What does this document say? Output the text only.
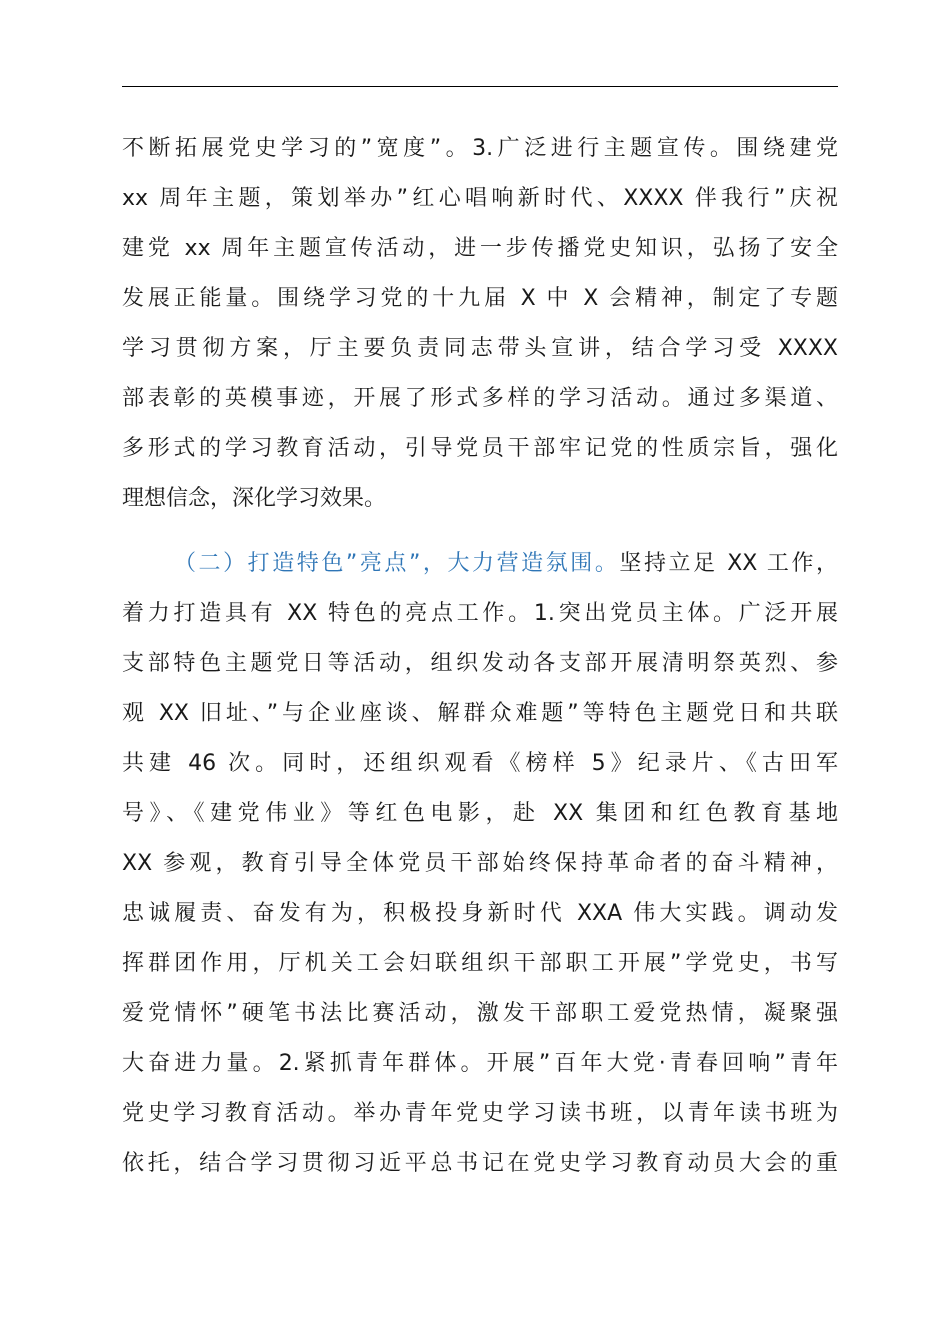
不断拓展党史学习的”宽度”。3.广泛进行主题宣传。围绕建党
xx 周年主题，策划举办”红心唱响新时代、XXXX 伴我行”庆祝
建党 xx 周年主题宣传活动，进一步传播党史知识，弘扬了安全
发展正能量。围绕学习党的十九届 X 中 X 会精神，制定了专题
学习贯彻方案，厅主要负责同志带头宣讲，结合学习受 XXXX
部表彰的英模事迹，开展了形式多样的学习活动。通过多渠道、
多形式的学习教育活动，引导党员干部牢记党的性质宗旨，强化
理想信念，深化学习效果。
（二）打造特色”亮点”，大力营造氛围。坚持立足 XX 工作，
着力打造具有 XX 特色的亮点工作。1.突出党员主体。广泛开展
支部特色主题党日等活动，组织发动各支部开展清明祭英烈、参
观 XX 旧址、”与企业座谈、解群众难题”等特色主题党日和共联
共建 46 次。同时，还组织观看《榜样 5》纪录片、《古田军
号》、《建党伟业》等红色电影，赴 XX 集团和红色教育基地
XX 参观，教育引导全体党员干部始终保持革命者的奋斗精神，
忠诚履责、奋发有为，积极投身新时代 XXA 伟大实践。调动发
挥群团作用，厅机关工会妇联组织干部职工开展”学党史，书写
爱党情怀”硬笔书法比赛活动，激发干部职工爱党热情，凝聚强
大奋进力量。2.紧抓青年群体。开展”百年大党·青春回响”青年
党史学习教育活动。举办青年党史学习读书班，以青年读书班为
依托，结合学习贯彻习近平总书记在党史学习教育动员大会的重
